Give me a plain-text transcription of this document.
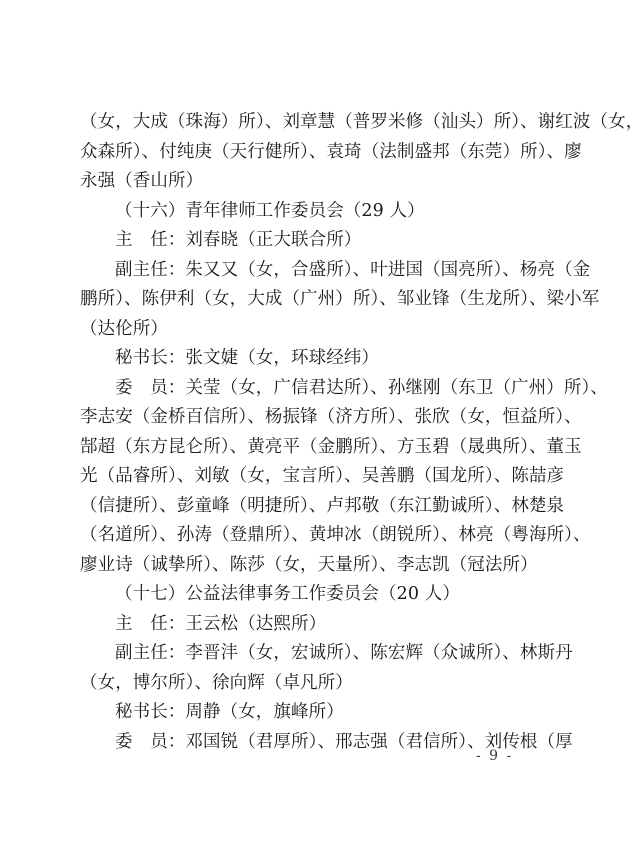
（女，大成（珠海）所）、刘章慧（普罗米修（汕头）所）、谢红波（女，
众森所）、付纯庚（天行健所）、袁琦（法制盛邦（东莞）所）、廖
永强（香山所）
（十六）青年律师工作委员会（29 人）
主　任：刘春晓（正大联合所）
副主任：朱又又（女，合盛所）、叶进国（国亮所）、杨亮（金
鹏所）、陈伊利（女，大成（广州）所）、邹业锋（生龙所）、梁小军
（达伦所）
秘书长：张文婕（女，环球经纬）
委　员：关莹（女，广信君达所）、孙继刚（东卫（广州）所）、
李志安（金桥百信所）、杨振锋（济方所）、张欣（女，恒益所）、
郜超（东方昆仑所）、黄亮平（金鹏所）、方玉碧（晟典所）、董玉
光（品睿所）、刘敏（女，宝言所）、吴善鹏（国龙所）、陈喆彦
（信捷所）、彭童峰（明捷所）、卢邦敬（东江勤诚所）、林楚泉
（名道所）、孙涛（登鼎所）、黄坤冰（朗锐所）、林亮（粤海所）、
廖业诗（诚挚所）、陈莎（女，天量所）、李志凯（冠法所）
（十七）公益法律事务工作委员会（20 人）
主　任：王云松（达熙所）
副主任：李晋沣（女，宏诚所）、陈宏辉（众诚所）、林斯丹
（女，博尔所）、徐向辉（卓凡所）
秘书长：周静（女，旗峰所）
委　员：邓国锐（君厚所）、邢志强（君信所）、刘传根（厚
- 9 -
